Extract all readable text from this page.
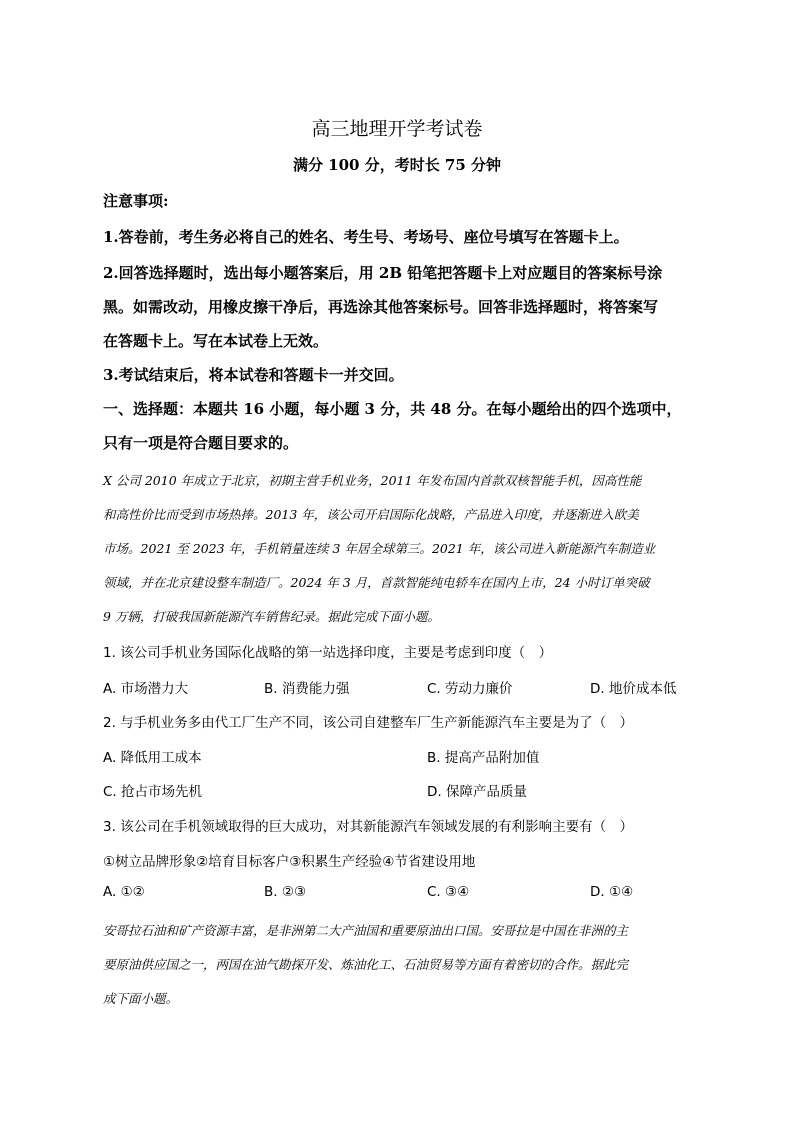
高三地理开学考试卷
满分 100 分，考时长 75 分钟
注意事项:
1.答卷前，考生务必将自己的姓名、考生号、考场号、座位号填写在答题卡上。
2.回答选择题时，选出每小题答案后，用 2B 铅笔把答题卡上对应题目的答案标号涂
黑。如需改动，用橡皮擦干净后，再选涂其他答案标号。回答非选择题时，将答案写
在答题卡上。写在本试卷上无效。
3.考试结束后，将本试卷和答题卡一并交回。
一、选择题：本题共 16 小题，每小题 3 分，共 48 分。在每小题给出的四个选项中，
只有一项是符合题目要求的。
X 公司 2010 年成立于北京，初期主营手机业务，2011 年发布国内首款双核智能手机，因高性能
和高性价比而受到市场热捧。2013 年，该公司开启国际化战略，产品进入印度，并逐渐进入欧美
市场。2021 至 2023 年，手机销量连续 3 年居全球第三。2021 年，该公司进入新能源汽车制造业
领域，并在北京建设整车制造厂。2024 年 3 月，首款智能纯电轿车在国内上市，24 小时订单突破
9 万辆，打破我国新能源汽车销售纪录。据此完成下面小题。
1. 该公司手机业务国际化战略的第一站选择印度，主要是考虑到印度（　）
A. 市场潜力大	B. 消费能力强	C. 劳动力廉价	D. 地价成本低
2. 与手机业务多由代工厂生产不同，该公司自建整车厂生产新能源汽车主要是为了（　）
A. 降低用工成本	B. 提高产品附加值
C. 抢占市场先机	D. 保障产品质量
3. 该公司在手机领域取得的巨大成功，对其新能源汽车领域发展的有利影响主要有（　）
①树立品牌形象②培育目标客户③积累生产经验④节省建设用地
A. ①②	B. ②③	C. ③④	D. ①④
安哥拉石油和矿产资源丰富，是非洲第二大产油国和重要原油出口国。安哥拉是中国在非洲的主
要原油供应国之一，两国在油气勘探开发、炼油化工、石油贸易等方面有着密切的合作。据此完
成下面小题。
